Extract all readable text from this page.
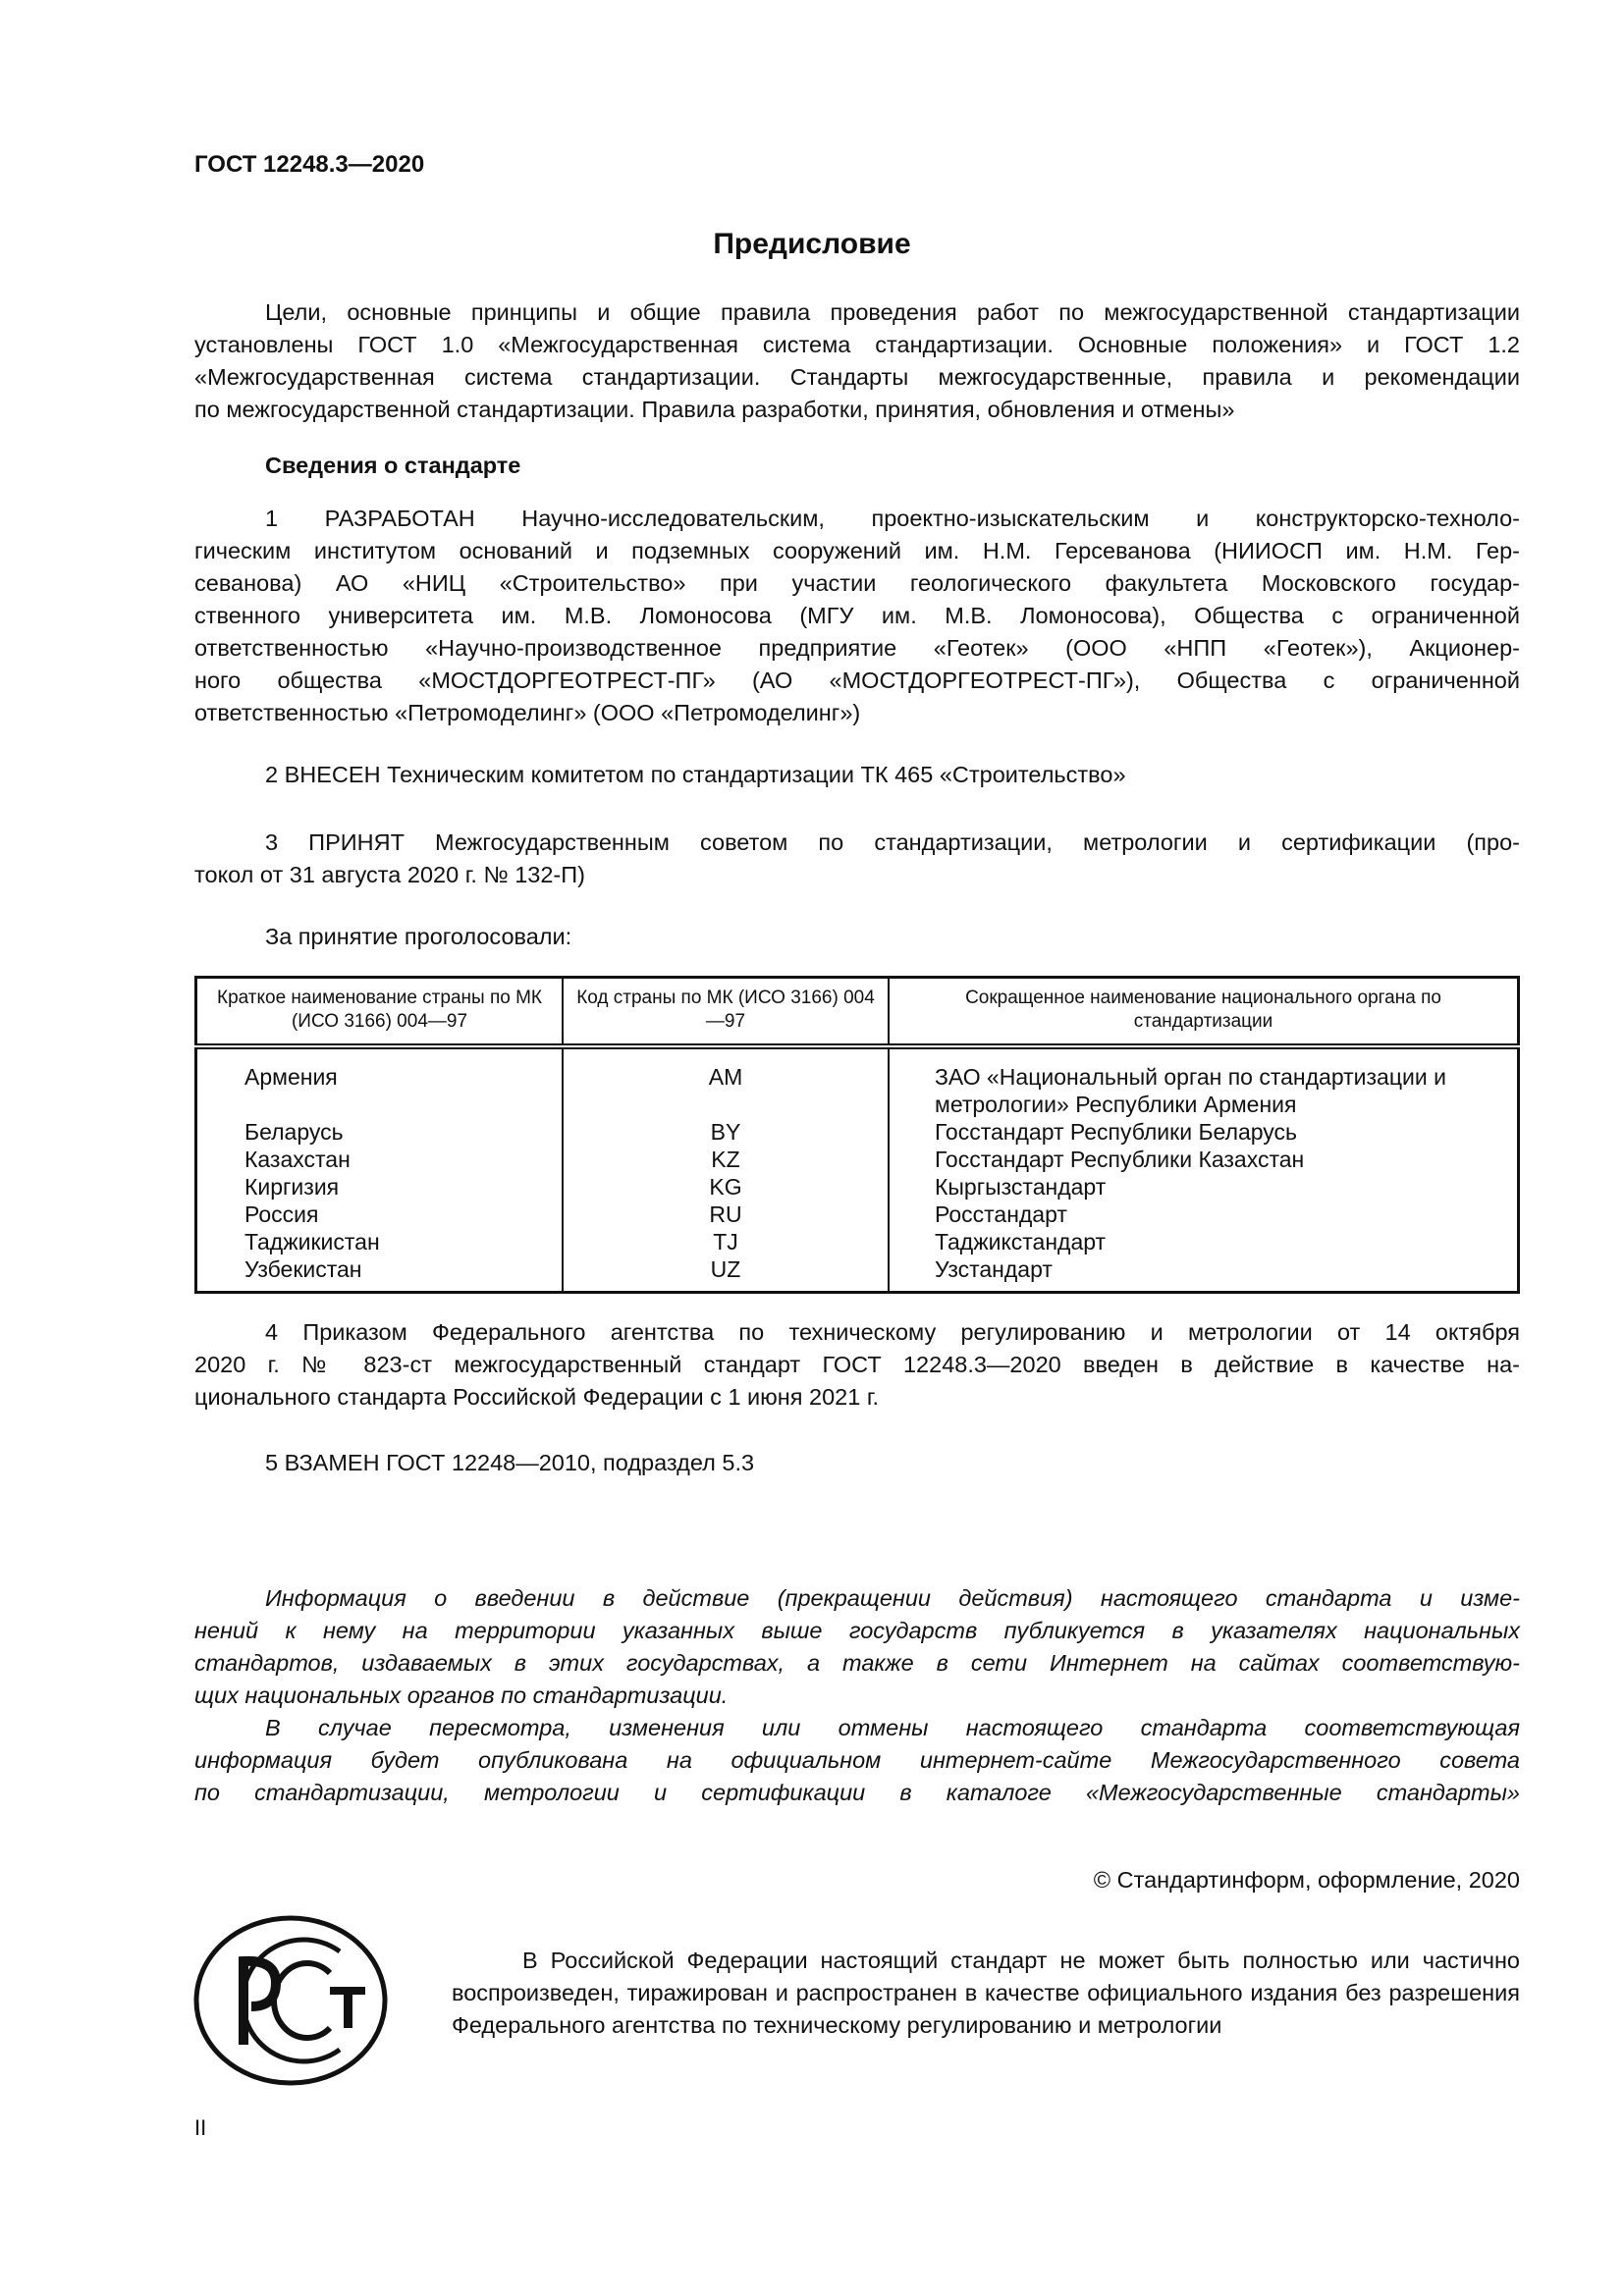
ГОСТ 12248.3—2020
Предисловие
Цели, основные принципы и общие правила проведения работ по межгосударственной стандартизации
установлены ГОСТ 1.0 «Межгосударственная система стандартизации. Основные положения» и ГОСТ 1.2
«Межгосударственная система стандартизации. Стандарты межгосударственные, правила и рекомендации
по межгосударственной стандартизации. Правила разработки, принятия, обновления и отмены»
Сведения о стандарте
1 РАЗРАБОТАН Научно-исследовательским, проектно-изыскательским и конструкторско-техноло-
гическим институтом оснований и подземных сооружений им. Н.М. Герсеванова (НИИОСП им. Н.М. Гер-
севанова) АО «НИЦ «Строительство» при участии геологического факультета Московского государ-
ственного университета им. М.В. Ломоносова (МГУ им. М.В. Ломоносова), Общества с ограниченной
ответственностью «Научно-производственное предприятие «Геотек» (ООО «НПП «Геотек»), Акционер-
ного общества «МОСТДОРГЕОТРЕСТ-ПГ» (АО «МОСТДОРГЕОТРЕСТ-ПГ»), Общества с ограниченной
ответственностью «Петромоделинг» (ООО «Петромоделинг»)
2 ВНЕСЕН Техническим комитетом по стандартизации ТК 465 «Строительство»
3 ПРИНЯТ Межгосударственным советом по стандартизации, метрологии и сертификации (про-
токол от 31 августа 2020 г. № 132-П)
За принятие проголосовали:
Краткое наименование страны по МК (ИСО 3166) 004—97	Код страны по МК (ИСО 3166) 004—97	Сокращенное наименование национального органа по стандартизации
Армения	AM	ЗАО «Национальный орган по стандартизации и метрологии» Республики Армения
Беларусь	BY	Госстандарт Республики Беларусь
Казахстан	KZ	Госстандарт Республики Казахстан
Киргизия	KG	Кыргызстандарт
Россия	RU	Росстандарт
Таджикистан	TJ	Таджикстандарт
Узбекистан	UZ	Узстандарт
4 Приказом Федерального агентства по техническому регулированию и метрологии от 14 октября
2020 г. № 823-ст межгосударственный стандарт ГОСТ 12248.3—2020 введен в действие в качестве на-
ционального стандарта Российской Федерации с 1 июня 2021 г.
5 ВЗАМЕН ГОСТ 12248—2010, подраздел 5.3
Информация о введении в действие (прекращении действия) настоящего стандарта и изме-
нений к нему на территории указанных выше государств публикуется в указателях национальных
стандартов, издаваемых в этих государствах, а также в сети Интернет на сайтах соответствую-
щих национальных органов по стандартизации.
В случае пересмотра, изменения или отмены настоящего стандарта соответствующая
информация будет опубликована на официальном интернет-сайте Межгосударственного совета
по стандартизации, метрологии и сертификации в каталоге «Межгосударственные стандарты»
© Стандартинформ, оформление, 2020
В Российской Федерации настоящий стандарт не может быть полностью или частично воспроизведен, тиражирован и распространен в качестве официального издания без разрешения Федерального агентства по техническому регулированию и метрологии
II
